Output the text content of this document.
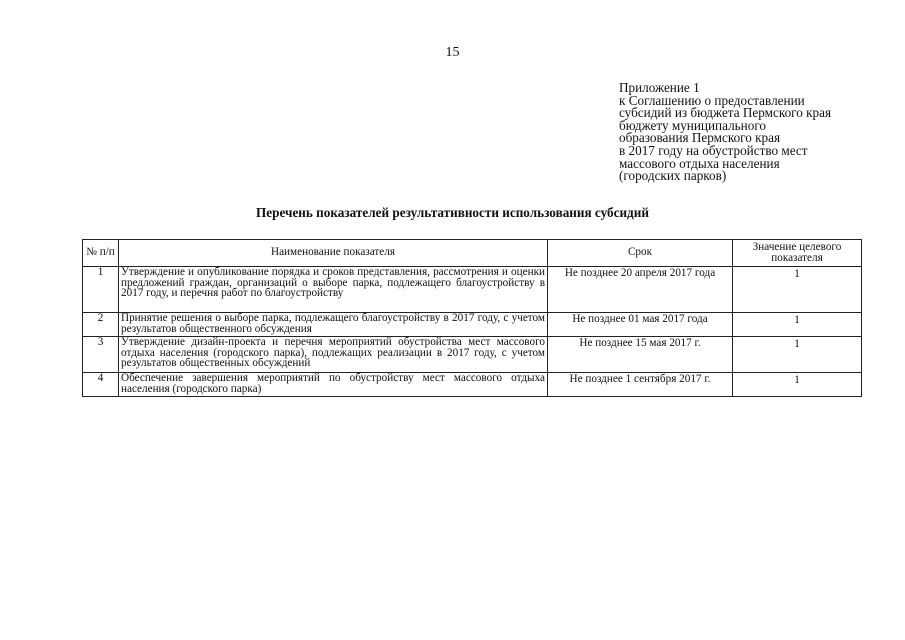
15
Приложение 1
к Соглашению о предоставлении
субсидий из бюджета Пермского края
бюджету муниципального
образования Пермского края
в 2017 году на обустройство мест
массового отдыха населения
(городских парков)
Перечень показателей результативности использования субсидий
№ п/п	Наименование показателя	Срок	Значение целевого показателя
1	Утверждение и опубликование порядка и сроков представления, рассмотрения и оценки предложений граждан, организаций о выборе парка, подлежащего благоустройству в 2017 году, и перечня работ по благоустройству	Не позднее 20 апреля 2017 года	1
2	Принятие решения о выборе парка, подлежащего благоустройству в 2017 году, с учетом результатов общественного обсуждения	Не позднее 01 мая 2017 года	1
3	Утверждение дизайн-проекта и перечня мероприятий обустройства мест массового отдыха населения (городского парка), подлежащих реализации в 2017 году, с учетом результатов общественных обсуждений	Не позднее 15 мая 2017 г.	1
4	Обеспечение завершения мероприятий по обустройству мест массового отдыха населения (городского парка)	Не позднее 1 сентября 2017 г.	1
